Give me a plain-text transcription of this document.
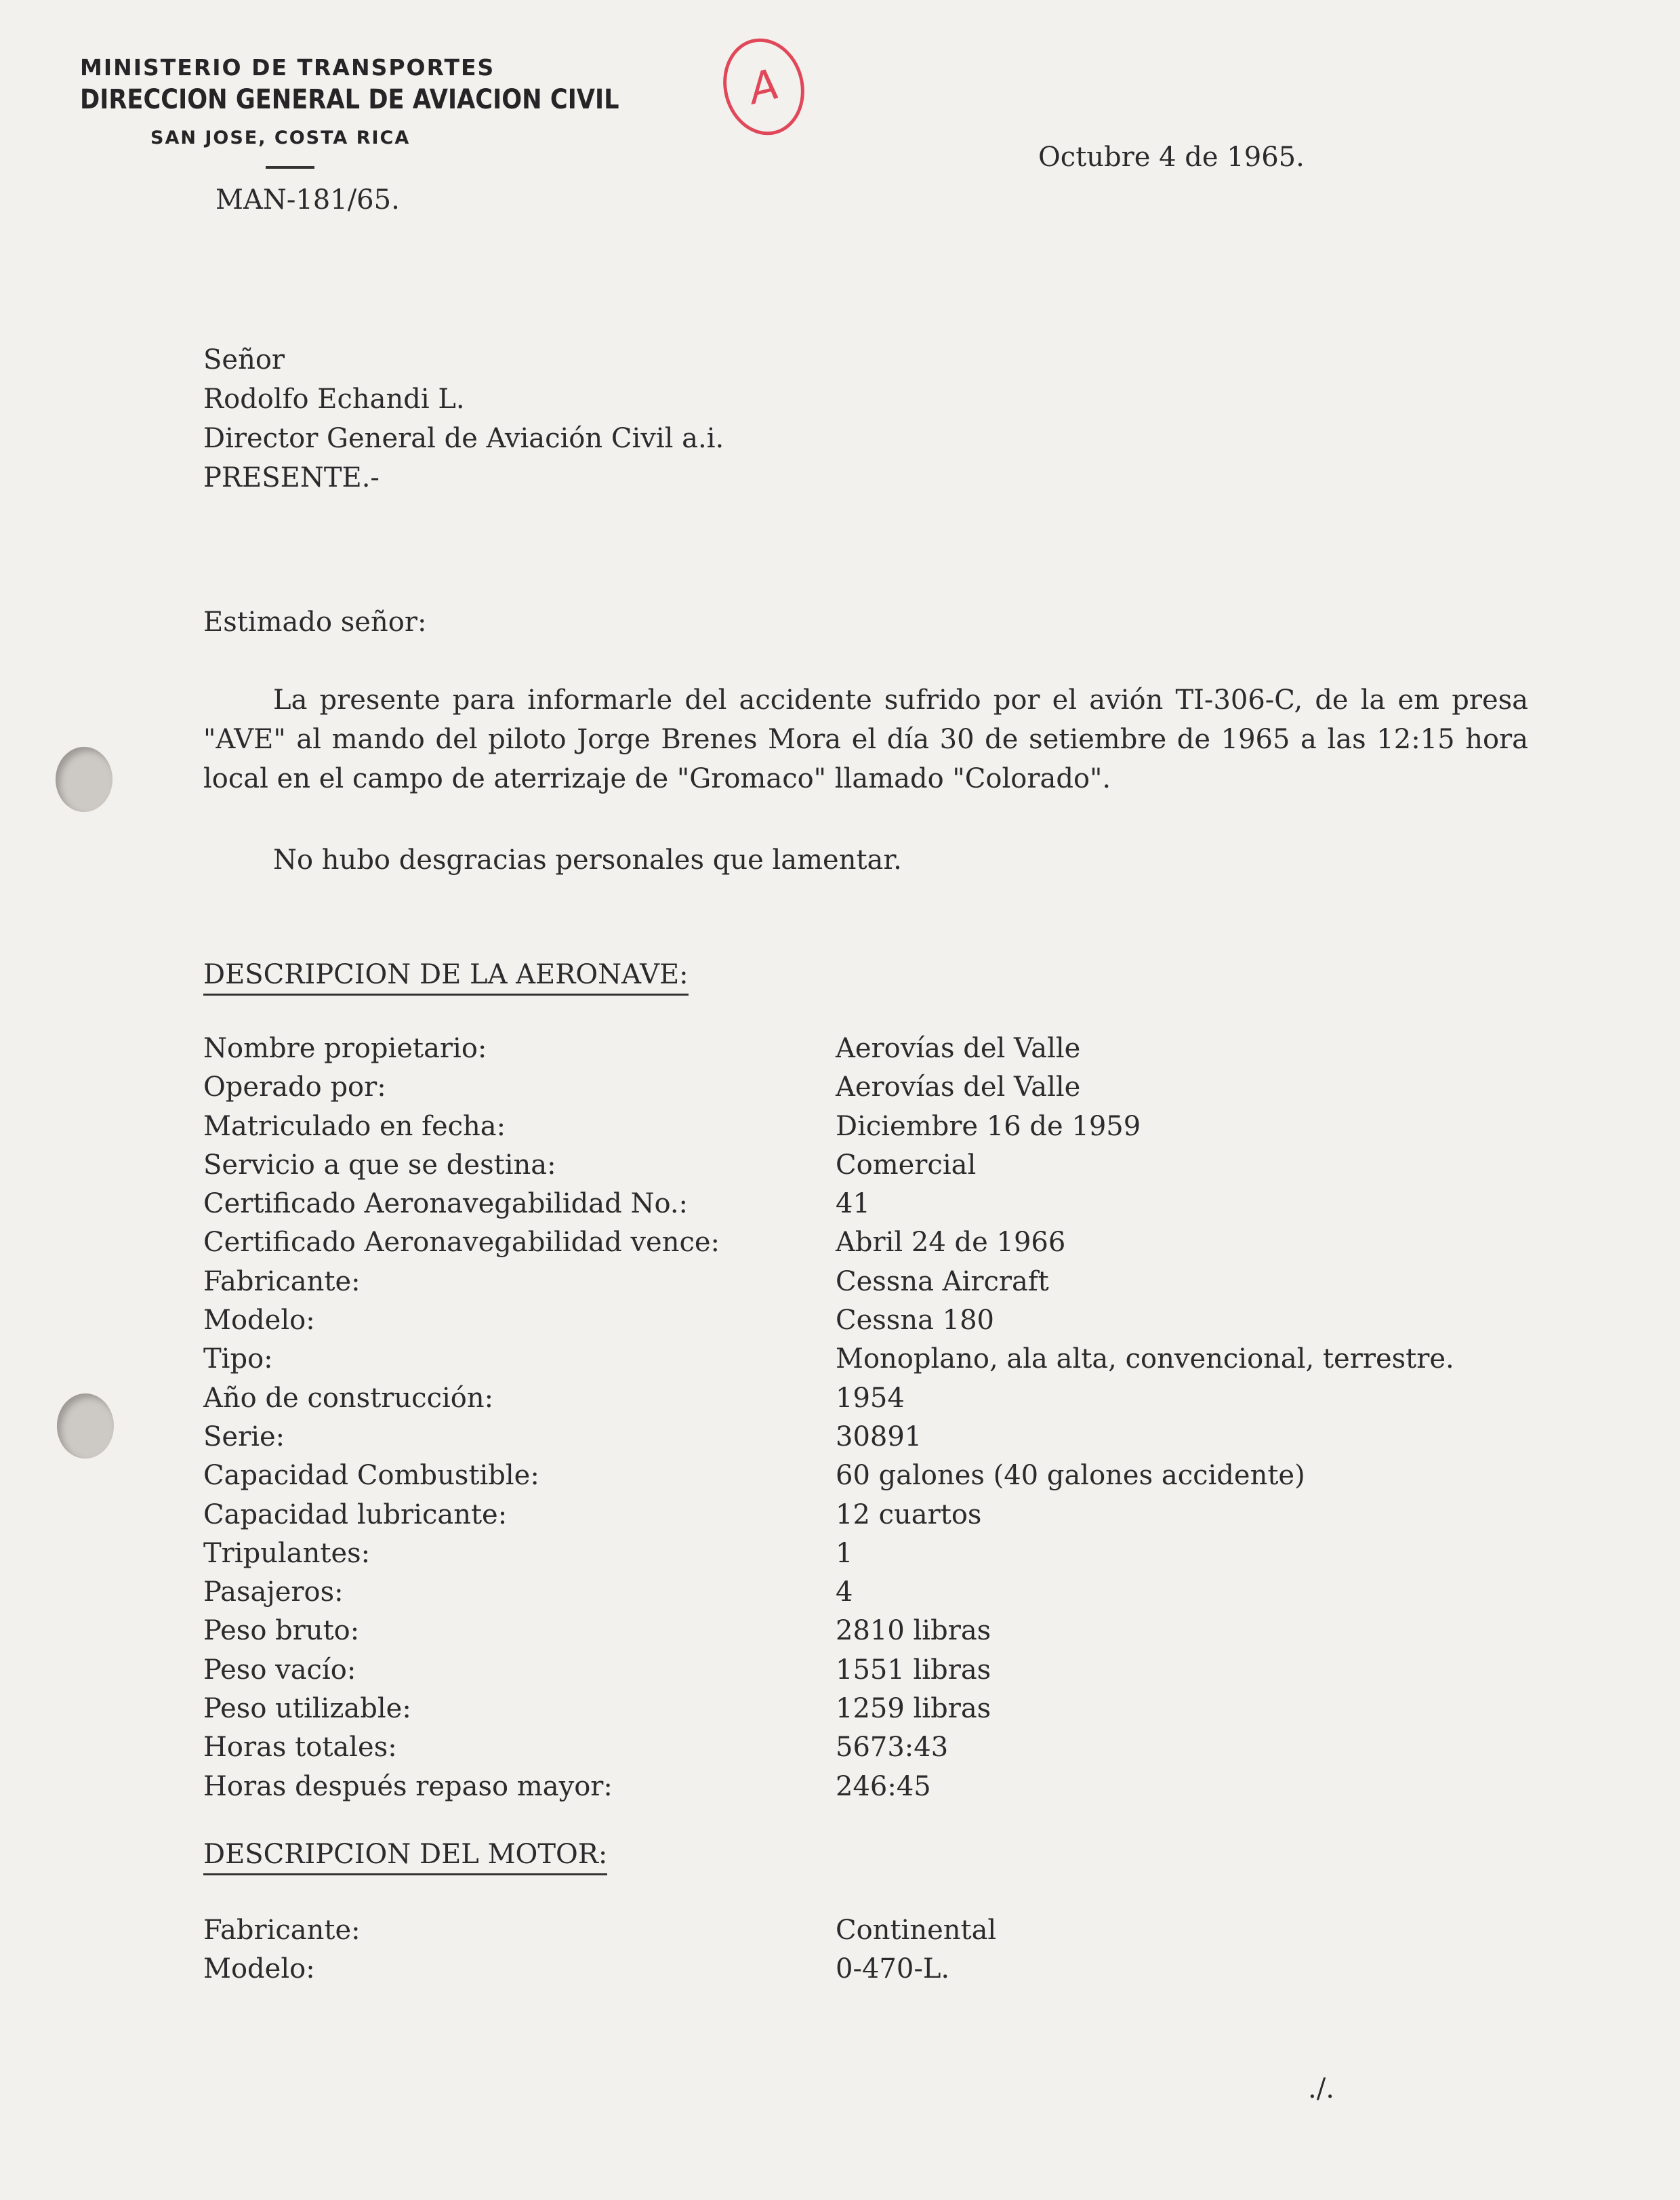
MINISTERIO DE TRANSPORTES
DIRECCION GENERAL DE AVIACION CIVIL
SAN JOSE, COSTA RICA
A
MAN-181/65.
Octubre 4 de 1965.
Señor
Rodolfo Echandi L.
Director General de Aviación Civil a.i.
PRESENTE.-
Estimado señor:
La presente para informarle del accidente sufrido por el avión TI-306-C, de la em presa "AVE" al mando del piloto Jorge Brenes Mora el día 30 de setiembre de 1965 a las 12:15 hora local en el campo de aterrizaje de "Gromaco" llamado "Colorado".
No hubo desgracias personales que lamentar.
DESCRIPCION DE LA AERONAVE:
Nombre propietario:	Aerovías del Valle
Operado por:	Aerovías del Valle
Matriculado en fecha:	Diciembre 16 de 1959
Servicio a que se destina:	Comercial
Certificado Aeronavegabilidad No.:	41
Certificado Aeronavegabilidad vence:	Abril 24 de 1966
Fabricante:	Cessna Aircraft
Modelo:	Cessna 180
Tipo:	Monoplano, ala alta, convencional, terrestre.
Año de construcción:	1954
Serie:	30891
Capacidad Combustible:	60 galones (40 galones accidente)
Capacidad lubricante:	12 cuartos
Tripulantes:	1
Pasajeros:	4
Peso bruto:	2810 libras
Peso vacío:	1551 libras
Peso utilizable:	1259 libras
Horas totales:	5673:43
Horas después repaso mayor:	246:45
DESCRIPCION DEL MOTOR:
Fabricante:	Continental
Modelo:	0-470-L.
./.
